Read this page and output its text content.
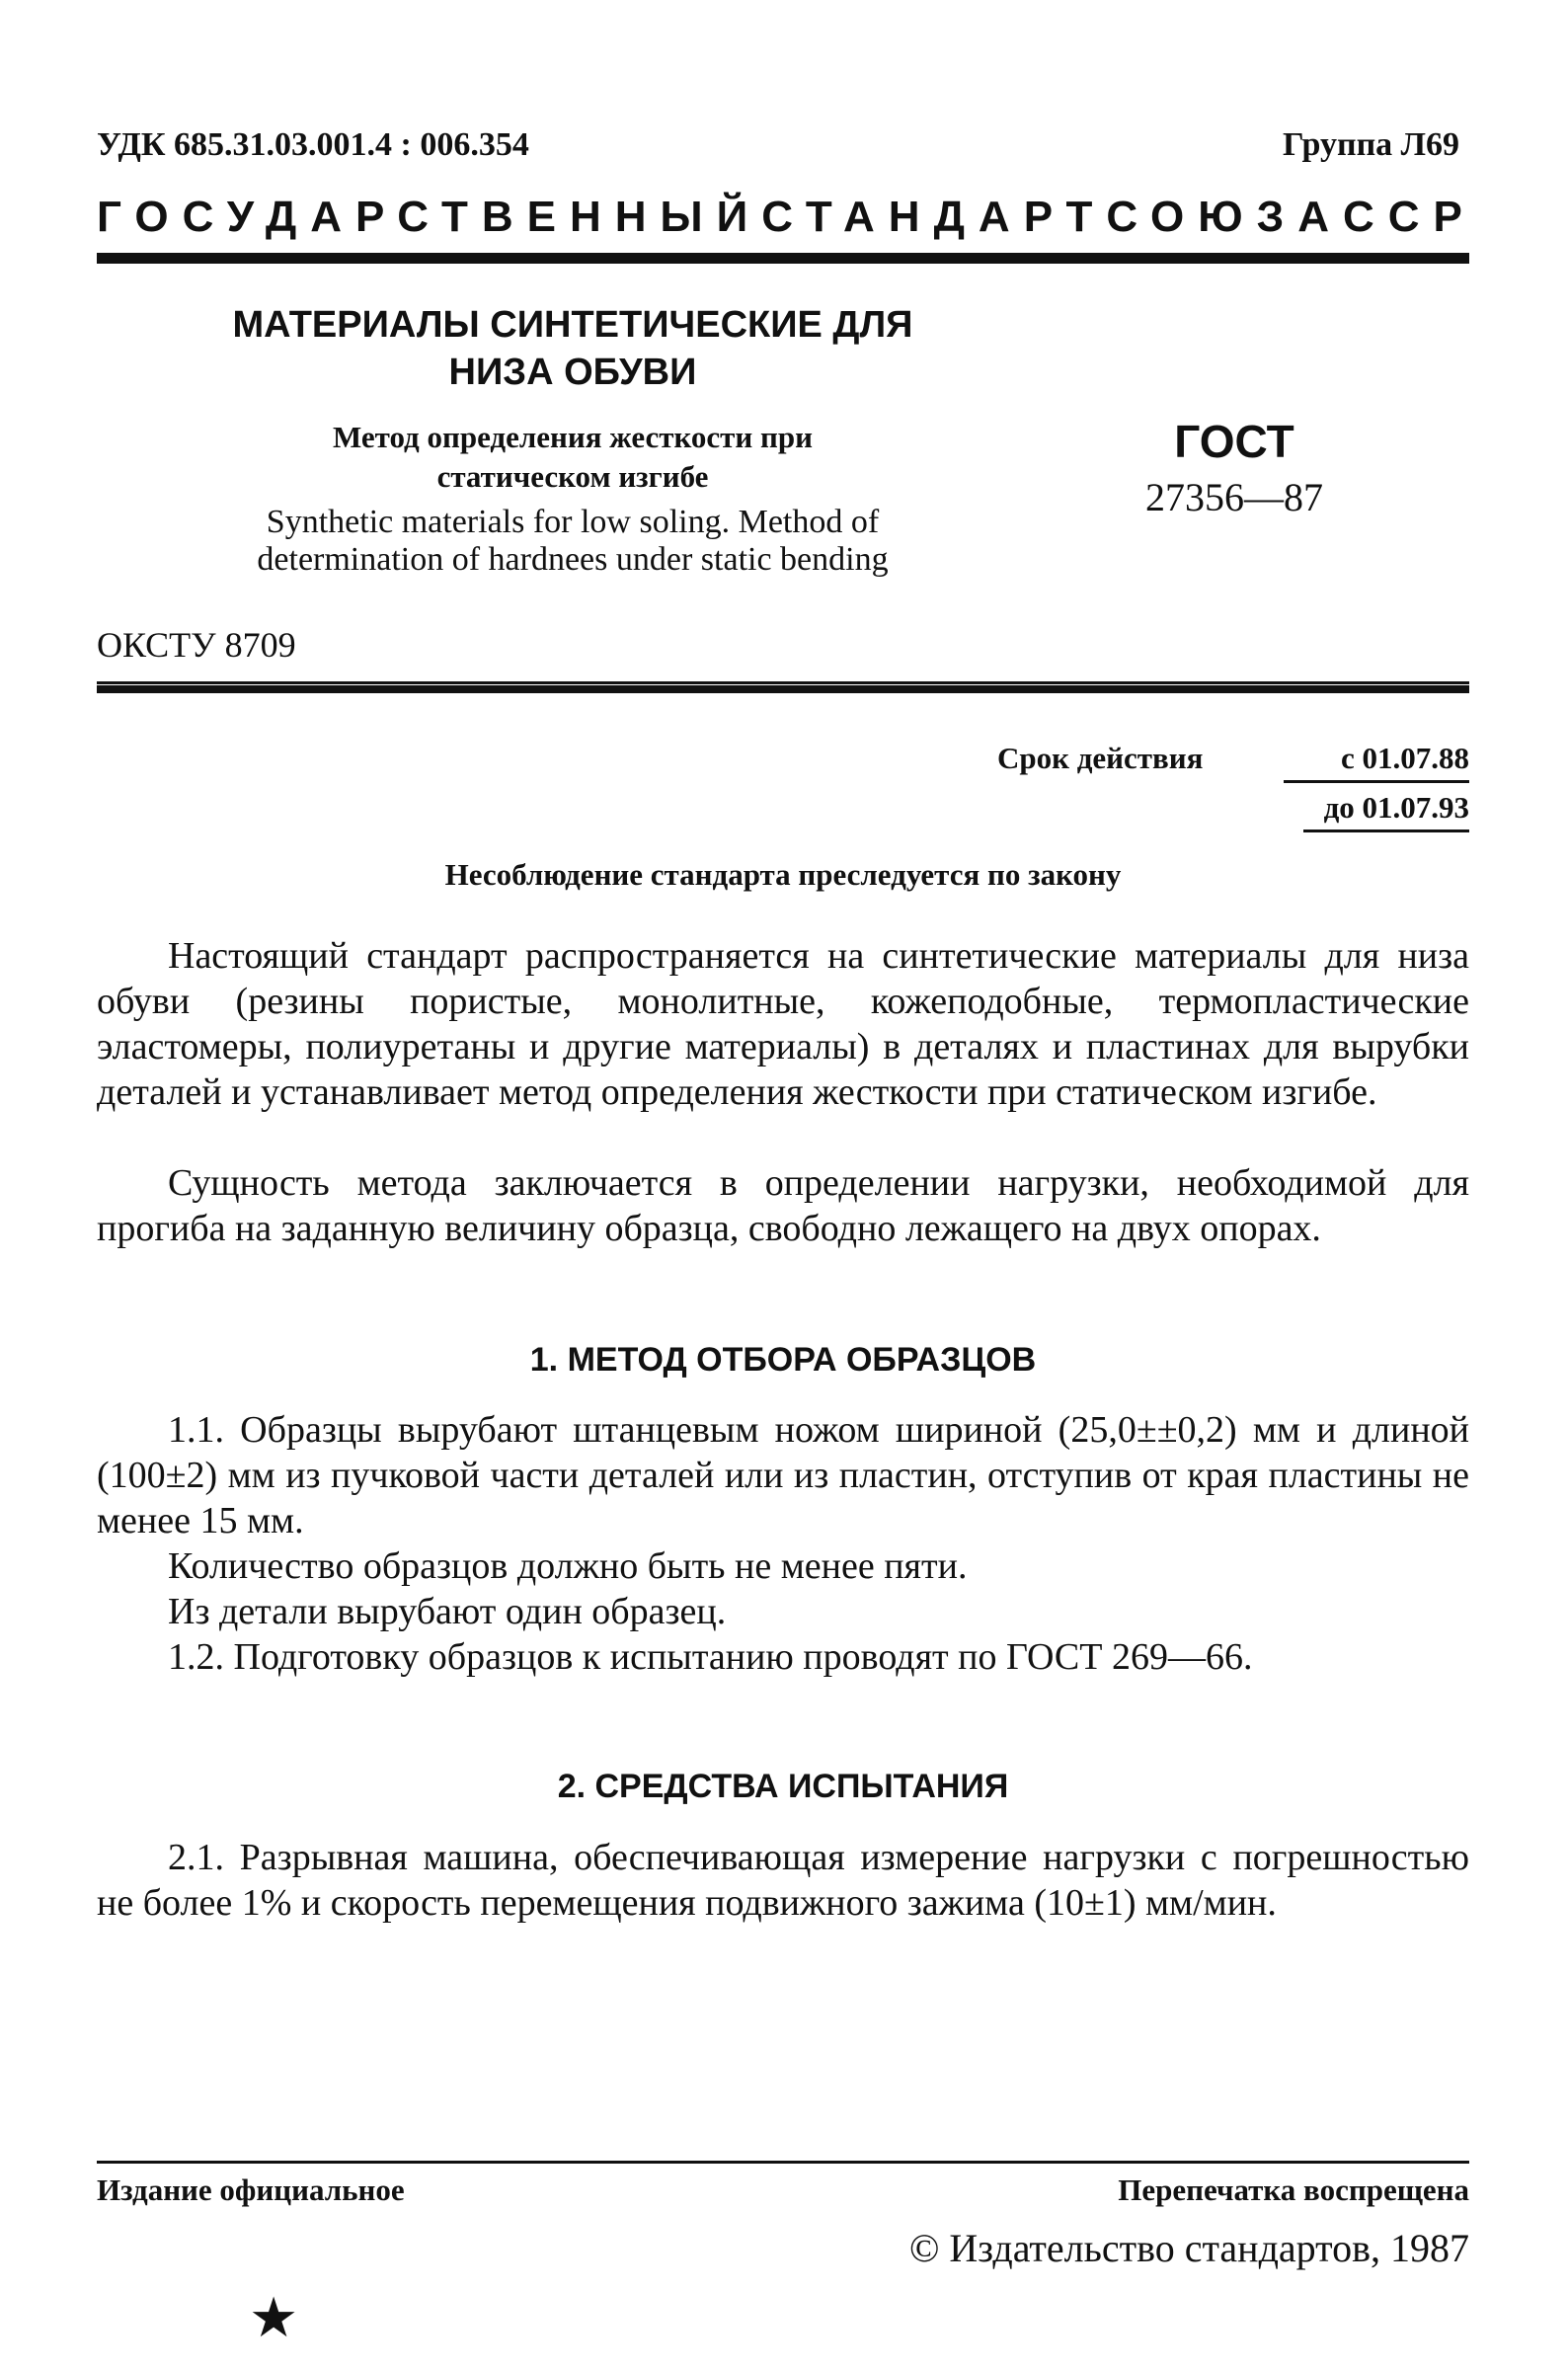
УДК 685.31.03.001.4 : 006.354	Группа Л69
ГОСУДАРСТВЕННЫЙ СТАНДАРТ СОЮЗА ССР
МАТЕРИАЛЫ СИНТЕТИЧЕСКИЕ ДЛЯ
НИЗА ОБУВИ
Метод определения жесткости при
статическом изгибе
Synthetic materials for low soling. Method of
determination of hardnees under static bending
ГОСТ
27356—87
ОКСТУ 8709
Срок действия	с 01.07.88
до 01.07.93
Несоблюдение стандарта преследуется по закону
Настоящий стандарт распространяется на синтетические материалы для низа обуви (резины пористые, монолитные, кожеподобные, термопластические эластомеры, полиуретаны и другие материалы) в деталях и пластинах для вырубки деталей и устанавливает метод определения жесткости при статическом изгибе.
Сущность метода заключается в определении нагрузки, необходимой для прогиба на заданную величину образца, свободно лежащего на двух опорах.
1. МЕТОД ОТБОРА ОБРАЗЦОВ
1.1. Образцы вырубают штанцевым ножом шириной (25,0±±0,2) мм и длиной (100±2) мм из пучковой части деталей или из пластин, отступив от края пластины не менее 15 мм.
Количество образцов должно быть не менее пяти.
Из детали вырубают один образец.
1.2. Подготовку образцов к испытанию проводят по ГОСТ 269—66.
2. СРЕДСТВА ИСПЫТАНИЯ
2.1. Разрывная машина, обеспечивающая измерение нагрузки с погрешностью не более 1% и скорость перемещения подвижного зажима (10±1) мм/мин.
Издание официальное	Перепечатка воспрещена
© Издательство стандартов, 1987
★
